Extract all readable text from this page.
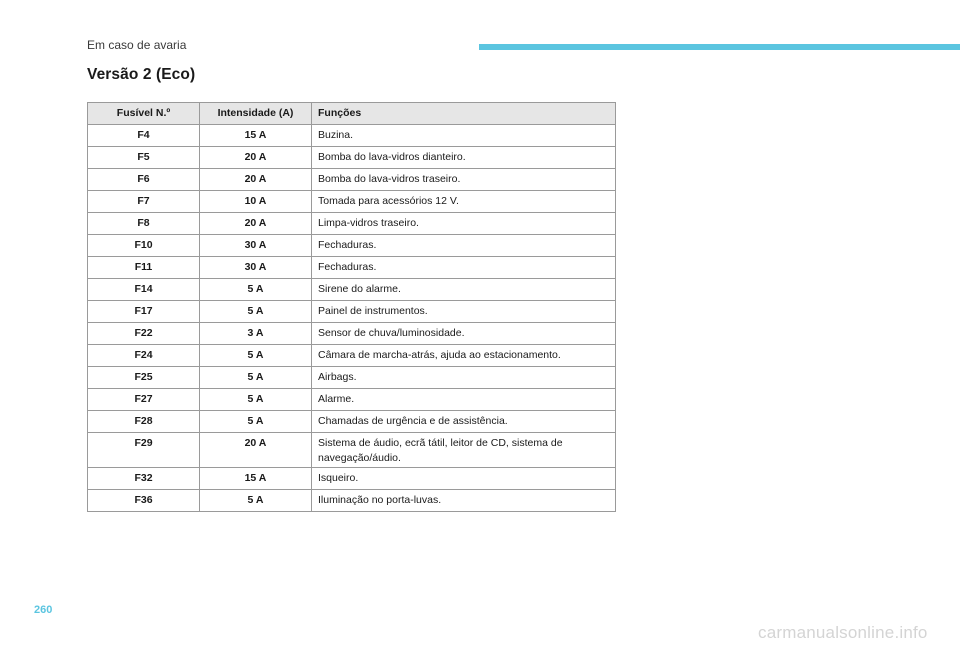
Em caso de avaria
Versão 2 (Eco)
Fusível N.º	Intensidade (A)	Funções
F4	15 A	Buzina.
F5	20 A	Bomba do lava-vidros dianteiro.
F6	20 A	Bomba do lava-vidros traseiro.
F7	10 A	Tomada para acessórios 12 V.
F8	20 A	Limpa-vidros traseiro.
F10	30 A	Fechaduras.
F11	30 A	Fechaduras.
F14	5 A	Sirene do alarme.
F17	5 A	Painel de instrumentos.
F22	3 A	Sensor de chuva/luminosidade.
F24	5 A	Câmara de marcha-atrás, ajuda ao estacionamento.
F25	5 A	Airbags.
F27	5 A	Alarme.
F28	5 A	Chamadas de urgência e de assistência.
F29	20 A	Sistema de áudio, ecrã tátil, leitor de CD, sistema de navegação/áudio.
F32	15 A	Isqueiro.
F36	5 A	Iluminação no porta-luvas.
260
carmanualsonline.info
